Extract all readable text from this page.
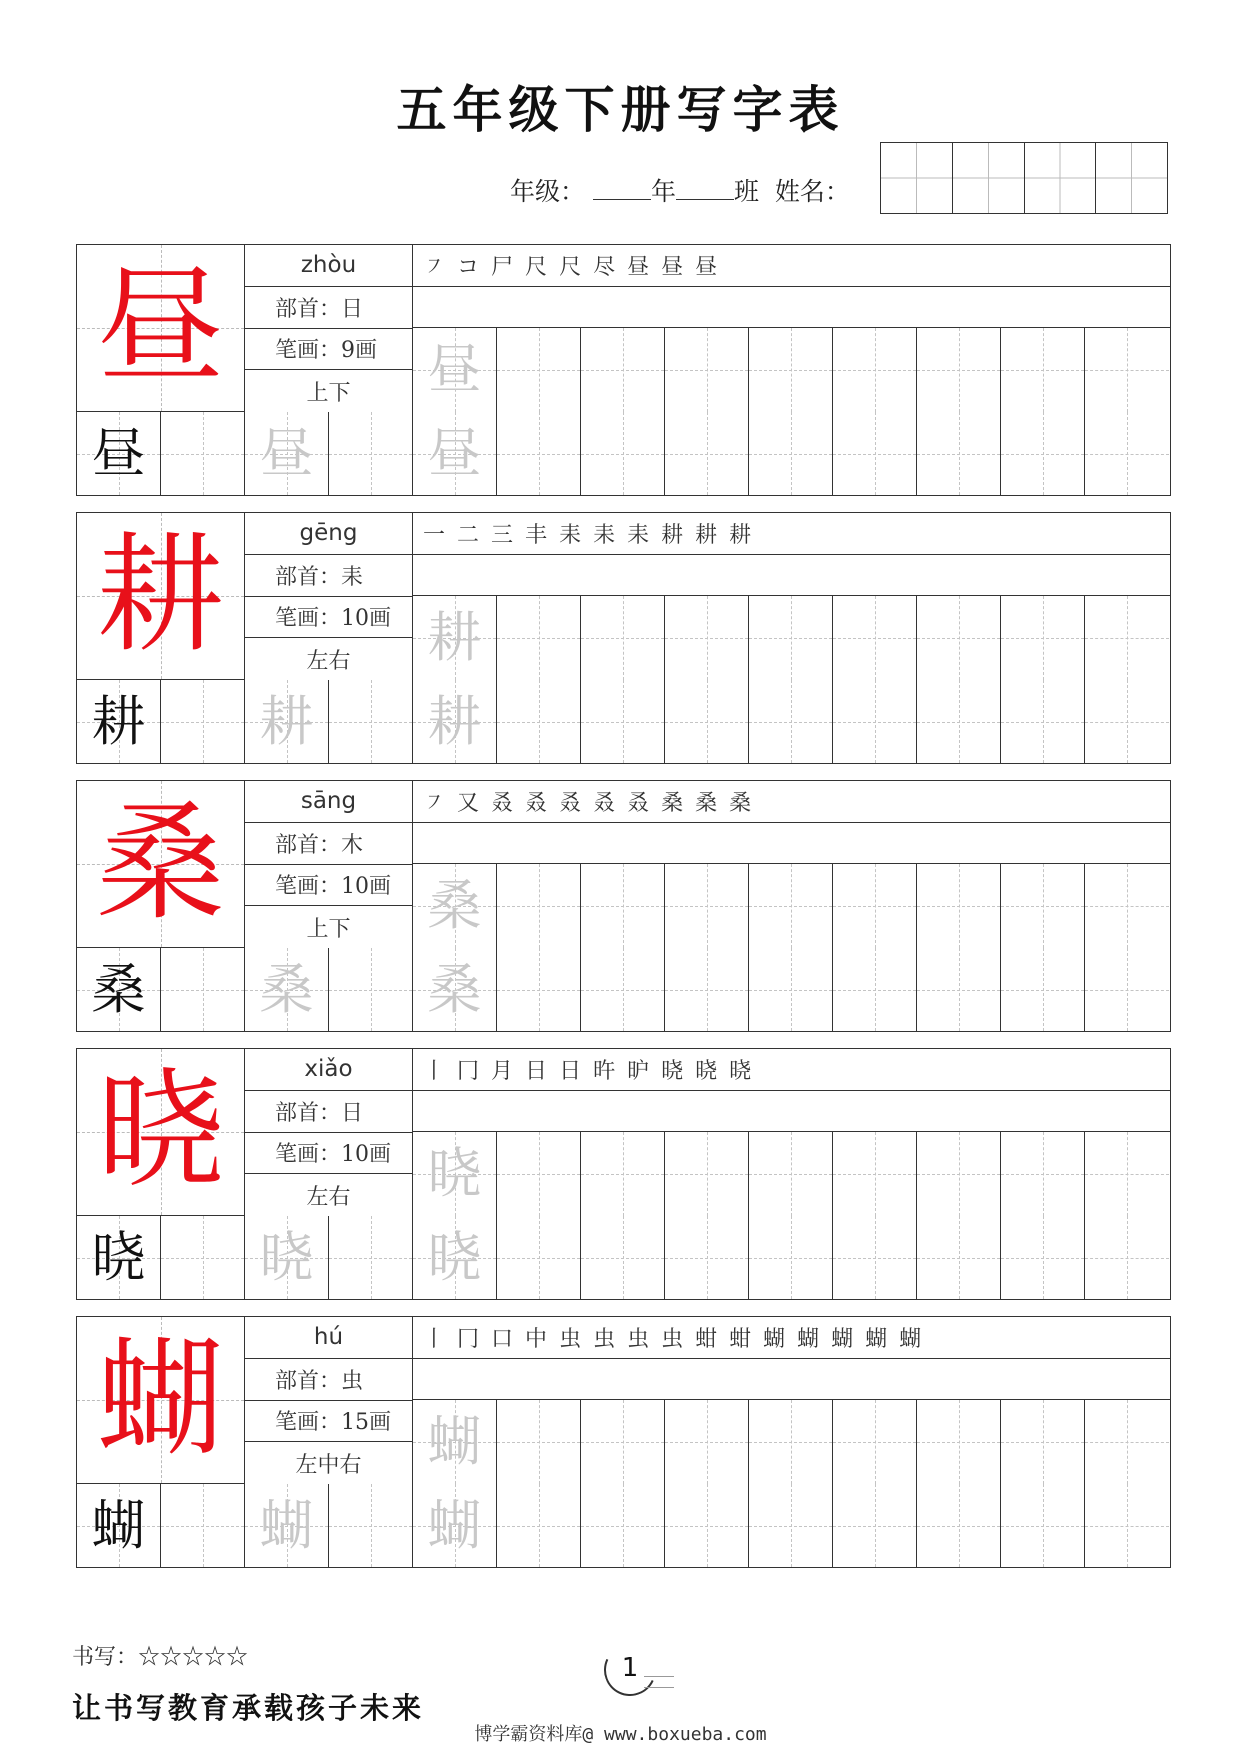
五年级下册写字表
年级：	年 班 姓名：
昼	zhòu
部首：日
笔画：9画
上下
㇇ コ 尸 尺 尺 尽 昼 昼 昼
昼
昼 昼 昼
耕	gēng
部首：耒
笔画：10画
左右
一 二 三 丰 耒 耒 耒 耕 耕 耕
耕
耕 耕 耕
桑	sāng
部首：木
笔画：10画
上下
㇇ 又 叒 叒 叒 叒 叒 桑 桑 桑
桑
桑 桑 桑
晓	xiǎo
部首：日
笔画：10画
左右
丨 冂 月 日 日 旿 昈 晓 晓 晓
晓
晓 晓 晓
蝴	hú
部首：虫
笔画：15画
左中右
丨 冂 口 中 虫 虫 虫 虫 蚶 蚶 蝴 蝴 蝴 蝴 蝴
蝴
蝴 蝴 蝴
书写：☆☆☆☆☆
让书写教育承载孩子未来
1
博学霸资料库@ www.boxueba.com
